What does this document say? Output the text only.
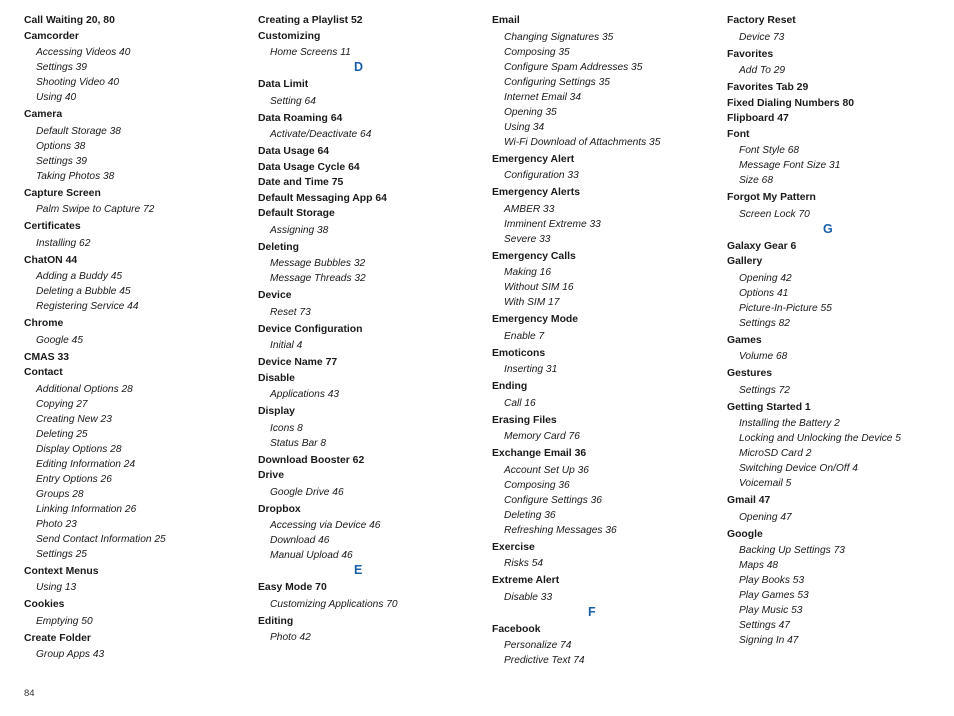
Call Waiting 20, 80
Camcorder
Accessing Videos 40
Settings 39
Shooting Video 40
Using 40
Camera
Default Storage 38
Options 38
Settings 39
Taking Photos 38
Capture Screen
Palm Swipe to Capture 72
Certificates
Installing 62
ChatON 44
Adding a Buddy 45
Deleting a Bubble 45
Registering Service 44
Chrome
Google 45
CMAS 33
Contact
Additional Options 28
Copying 27
Creating New 23
Deleting 25
Display Options 28
Editing Information 24
Entry Options 26
Groups 28
Linking Information 26
Photo 23
Send Contact Information 25
Settings 25
Context Menus
Using 13
Cookies
Emptying 50
Create Folder
Group Apps 43
Creating a Playlist 52
Customizing
Home Screens 11
D
Data Limit
Setting 64
Data Roaming 64
Activate/Deactivate 64
Data Usage 64
Data Usage Cycle 64
Date and Time 75
Default Messaging App 64
Default Storage
Assigning 38
Deleting
Message Bubbles 32
Message Threads 32
Device
Reset 73
Device Configuration
Initial 4
Device Name 77
Disable
Applications 43
Display
Icons 8
Status Bar 8
Download Booster 62
Drive
Google Drive 46
Dropbox
Accessing via Device 46
Download 46
Manual Upload 46
E
Easy Mode 70
Customizing Applications 70
Editing
Photo 42
Email
Changing Signatures 35
Composing 35
Configure Spam Addresses 35
Configuring Settings 35
Internet Email 34
Opening 35
Using 34
Wi-Fi Download of Attachments 35
Emergency Alert
Configuration 33
Emergency Alerts
AMBER 33
Imminent Extreme 33
Severe 33
Emergency Calls
Making 16
Without SIM 16
With SIM 17
Emergency Mode
Enable 7
Emoticons
Inserting 31
Ending
Call 16
Erasing Files
Memory Card 76
Exchange Email 36
Account Set Up 36
Composing 36
Configure Settings 36
Deleting 36
Refreshing Messages 36
Exercise
Risks 54
Extreme Alert
Disable 33
F
Facebook
Personalize 74
Predictive Text 74
Factory Reset
Device 73
Favorites
Add To 29
Favorites Tab 29
Fixed Dialing Numbers 80
Flipboard 47
Font
Font Style 68
Message Font Size 31
Size 68
Forgot My Pattern
Screen Lock 70
G
Galaxy Gear 6
Gallery
Opening 42
Options 41
Picture-In-Picture 55
Settings 82
Games
Volume 68
Gestures
Settings 72
Getting Started 1
Installing the Battery 2
Locking and Unlocking the Device 5
MicroSD Card 2
Switching Device On/Off 4
Voicemail 5
Gmail 47
Opening 47
Google
Backing Up Settings 73
Maps 48
Play Books 53
Play Games 53
Play Music 53
Settings 47
Signing In 47
84
